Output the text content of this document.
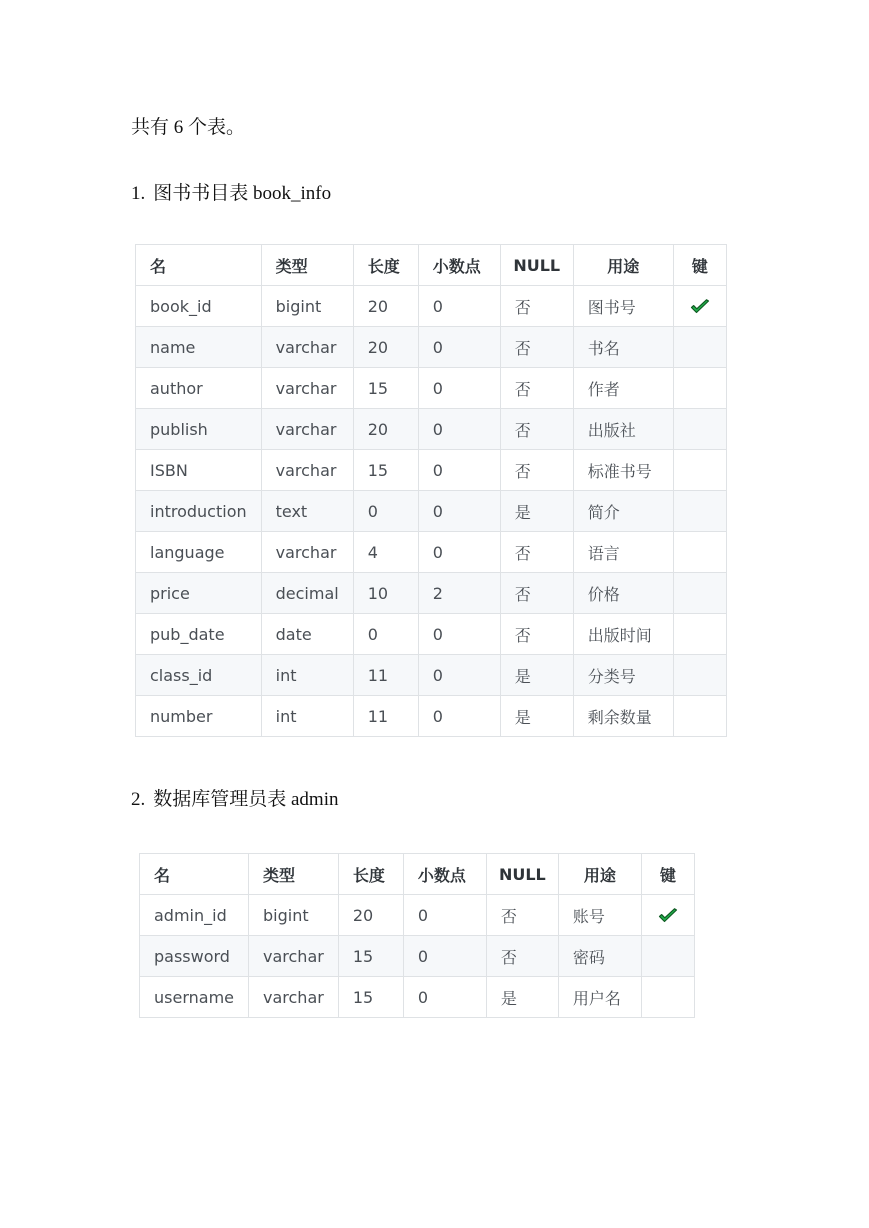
共有 6 个表。
1. 图书书目表 book_info
名	类型	长度	小数点	NULL	用途	键
book_id	bigint	20	0	否	图书号	
name	varchar	20	0	否	书名	
author	varchar	15	0	否	作者	
publish	varchar	20	0	否	出版社	
ISBN	varchar	15	0	否	标准书号	
introduction	text	0	0	是	简介	
language	varchar	4	0	否	语言	
price	decimal	10	2	否	价格	
pub_date	date	0	0	否	出版时间	
class_id	int	11	0	是	分类号	
number	int	11	0	是	剩余数量	
2. 数据库管理员表 admin
名	类型	长度	小数点	NULL	用途	键
admin_id	bigint	20	0	否	账号	
password	varchar	15	0	否	密码	
username	varchar	15	0	是	用户名	
